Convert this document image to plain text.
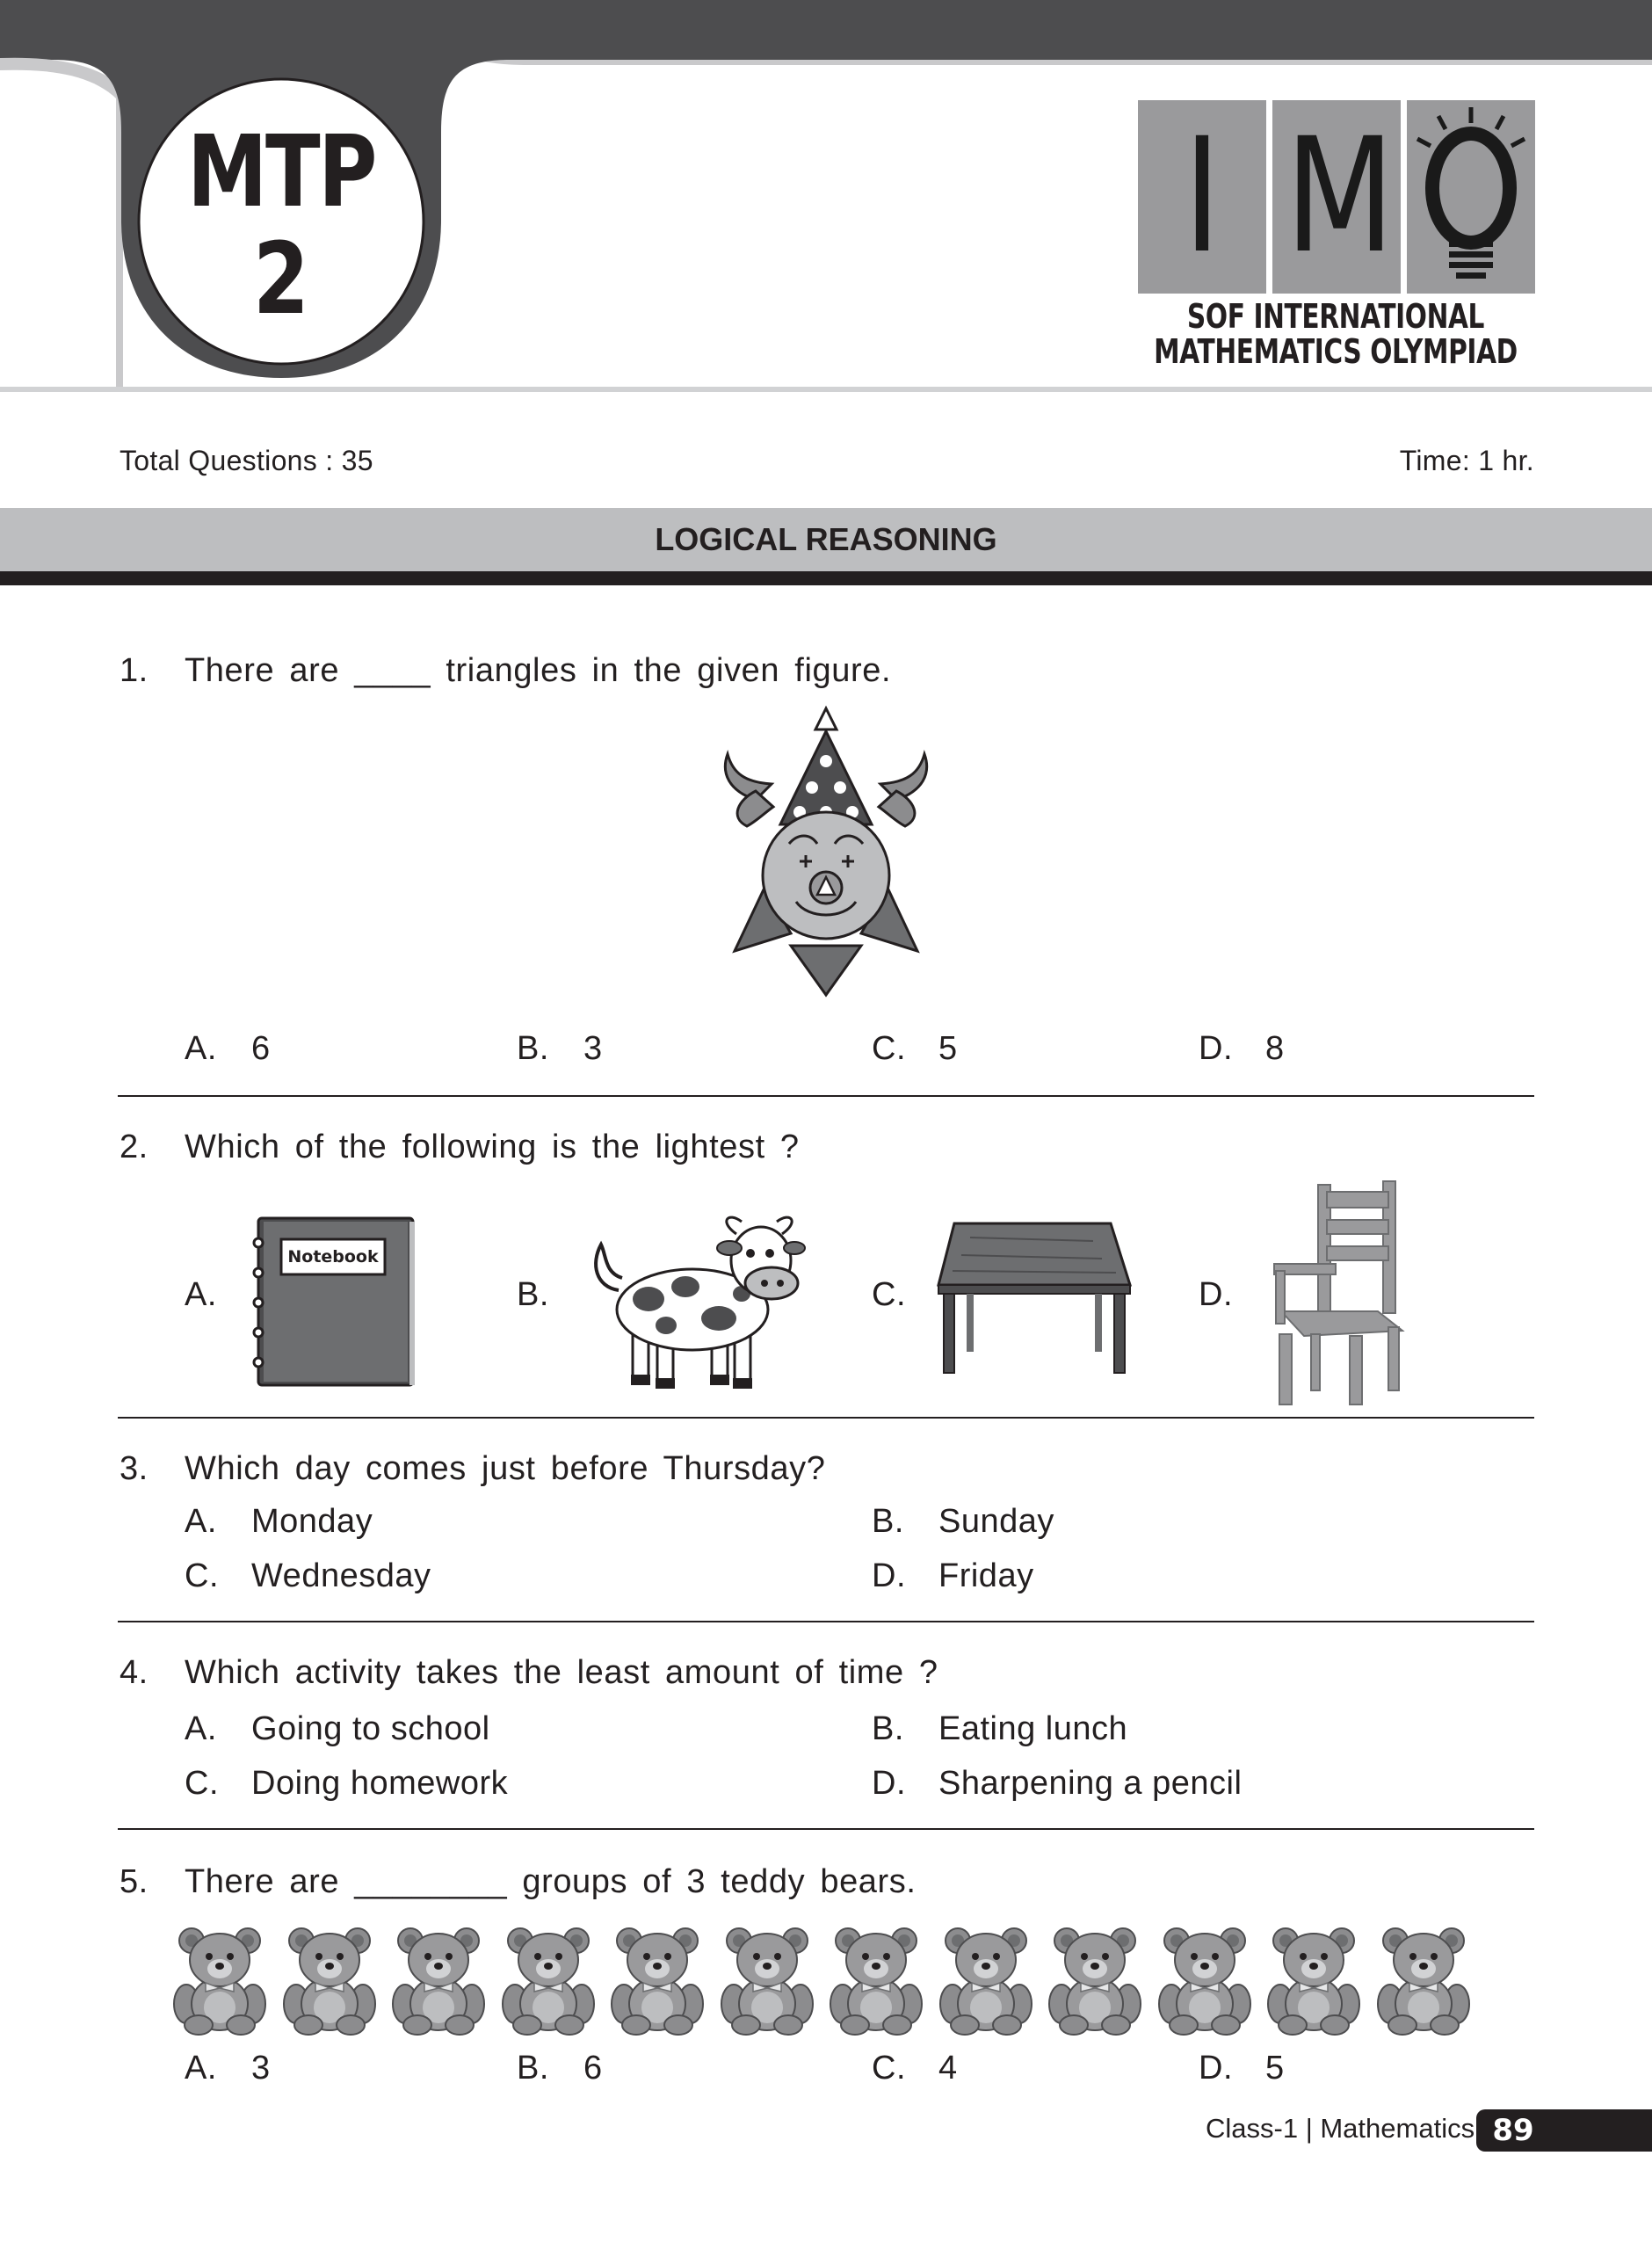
MTP
2	I M
SOF INTERNATIONAL
MATHEMATICS OLYMPIAD
Total Questions : 35	Time: 1 hr.
LOGICAL REASONING
1. There are ____ triangles in the given figure.
A. 6	B. 3	C. 5	D. 8
2. Which of the following is the lightest ?
A.
Notebook
B.	C.	D.
3. Which day comes just before Thursday?
A. Monday	B. Sunday
C. Wednesday	D. Friday
4. Which activity takes the least amount of time ?
A. Going to school	B. Eating lunch
C. Doing homework	D. Sharpening a pencil
5. There are ________ groups of 3 teddy bears.
A. 3	B. 6	C. 4	D. 5
Class-1 | Mathematics 89
